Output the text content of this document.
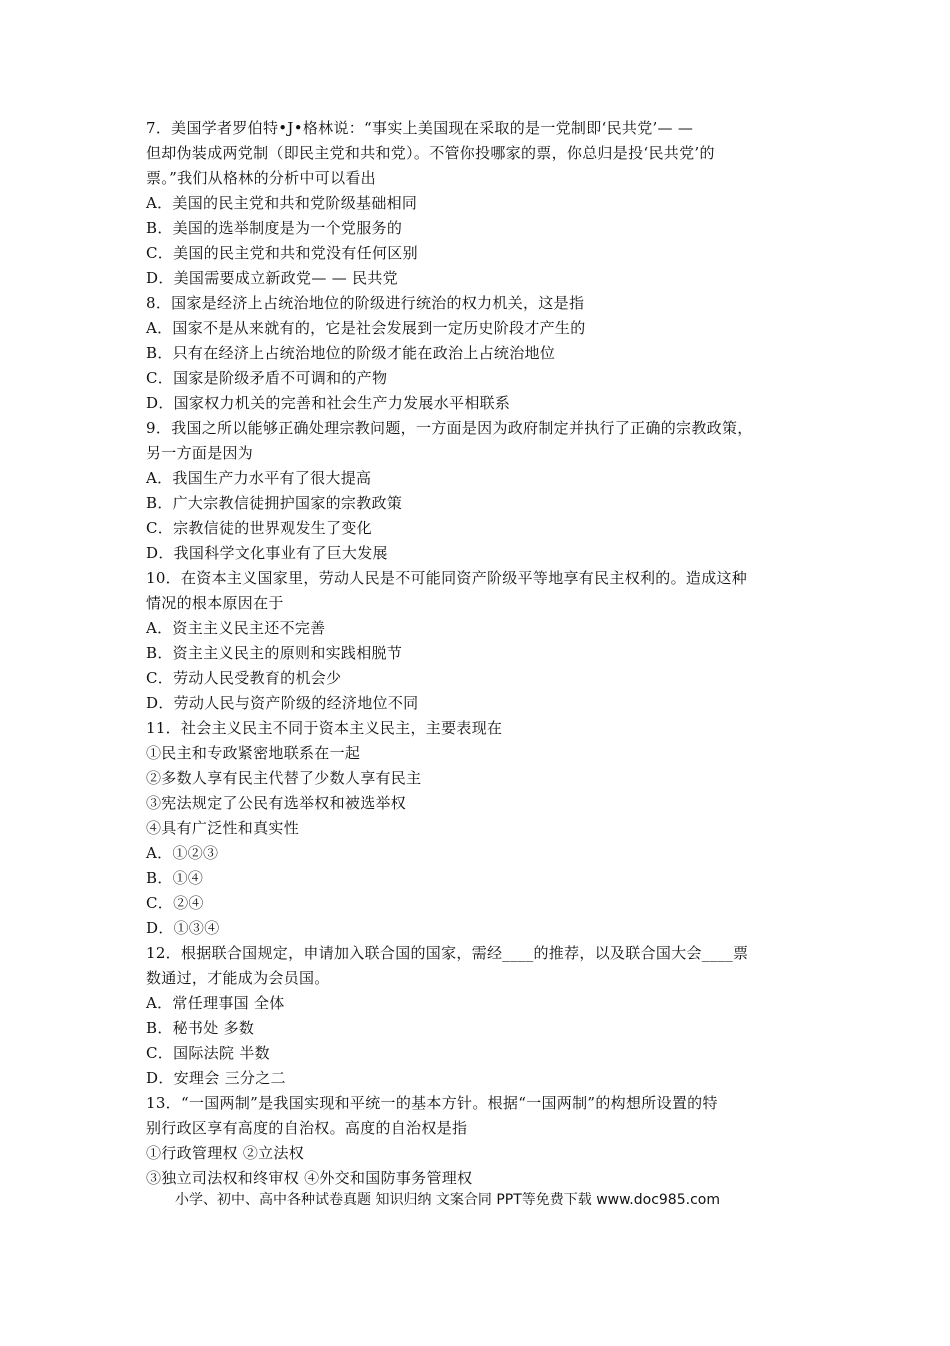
7．美国学者罗伯特•J•格林说：“事实上美国现在采取的是一党制即‘民共党’— —
但却伪装成两党制（即民主党和共和党）。不管你投哪家的票，你总归是投‘民共党’的
票。”我们从格林的分析中可以看出
A．美国的民主党和共和党阶级基础相同
B．美国的选举制度是为一个党服务的
C．美国的民主党和共和党没有任何区别
D．美国需要成立新政党— — 民共党
8．国家是经济上占统治地位的阶级进行统治的权力机关，这是指
A．国家不是从来就有的，它是社会发展到一定历史阶段才产生的
B．只有在经济上占统治地位的阶级才能在政治上占统治地位
C．国家是阶级矛盾不可调和的产物
D．国家权力机关的完善和社会生产力发展水平相联系
9．我国之所以能够正确处理宗教问题，一方面是因为政府制定并执行了正确的宗教政策，
另一方面是因为
A．我国生产力水平有了很大提高
B．广大宗教信徒拥护国家的宗教政策
C．宗教信徒的世界观发生了变化
D．我国科学文化事业有了巨大发展
10．在资本主义国家里，劳动人民是不可能同资产阶级平等地享有民主权利的。造成这种
情况的根本原因在于
A．资主主义民主还不完善
B．资主主义民主的原则和实践相脱节
C．劳动人民受教育的机会少
D．劳动人民与资产阶级的经济地位不同
11．社会主义民主不同于资本主义民主，主要表现在
①民主和专政紧密地联系在一起
②多数人享有民主代替了少数人享有民主
③宪法规定了公民有选举权和被选举权
④具有广泛性和真实性
A．①②③
B．①④
C．②④
D．①③④
12．根据联合国规定，申请加入联合国的国家，需经____的推荐，以及联合国大会____票
数通过，才能成为会员国。
A．常任理事国 全体
B．秘书处 多数
C．国际法院 半数
D．安理会 三分之二
13．“一国两制”是我国实现和平统一的基本方针。根据“一国两制”的构想所设置的特
别行政区享有高度的自治权。高度的自治权是指
①行政管理权 ②立法权
③独立司法权和终审权 ④外交和国防事务管理权
小学、初中、高中各种试卷真题 知识归纳 文案合同 PPT等免费下载 www.doc985.com
